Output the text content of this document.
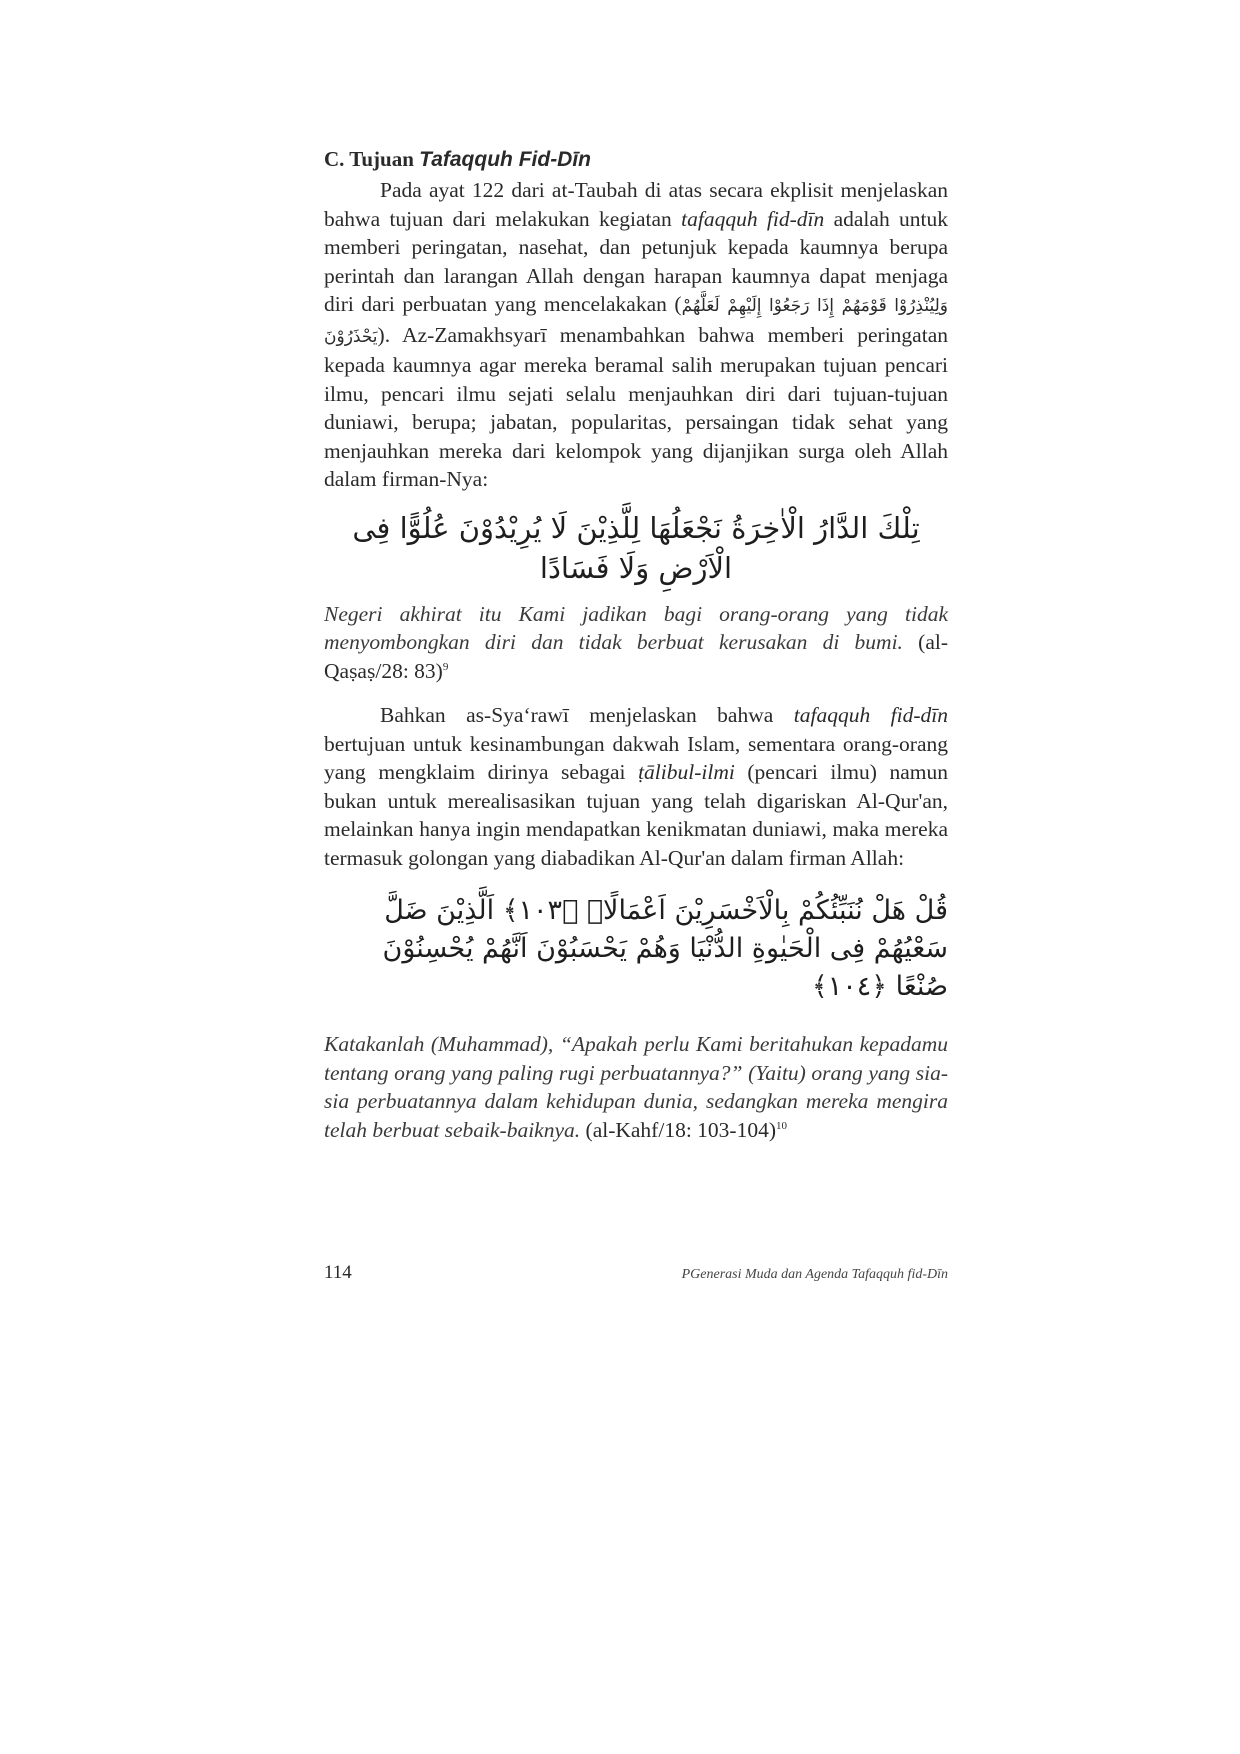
C. Tujuan Tafaqquh Fid-Dīn

Pada ayat 122 dari at-Taubah di atas secara ekplisit menjelaskan bahwa tujuan dari melakukan kegiatan tafaqquh fid-dīn adalah untuk memberi peringatan, nasehat, dan petunjuk kepada kaumnya berupa perintah dan larangan Allah dengan harapan kaumnya dapat menjaga diri dari perbuatan yang mencelakakan (وَلِيُنْذِرُوْا قَوْمَهُمْ إِذَا رَجَعُوْا إِلَيْهِمْ لَعَلَّهُمْ يَحْذَرُوْنَ). Az-Zamakhsyarī menambahkan bahwa memberi peringatan kepada kaumnya agar mereka beramal salih merupakan tujuan pencari ilmu, pencari ilmu sejati selalu menjauhkan diri dari tujuan-tujuan duniawi, berupa; jabatan, popularitas, persaingan tidak sehat yang menjauhkan mereka dari kelompok yang dijanjikan surga oleh Allah dalam firman-Nya:

تِلْكَ الدَّارُ الْاٰخِرَةُ نَجْعَلُهَا لِلَّذِيْنَ لَا يُرِيْدُوْنَ عُلُوًّا فِى الْاَرْضِ وَلَا فَسَادًا

Negeri akhirat itu Kami jadikan bagi orang-orang yang tidak menyombongkan diri dan tidak berbuat kerusakan di bumi. (al-Qaṣaṣ/28: 83)$^9$

Bahkan as-Sya‘rawī menjelaskan bahwa tafaqquh fid-dīn bertujuan untuk kesinambungan dakwah Islam, sementara orang-orang yang mengklaim dirinya sebagai ṭālibul-ilmi (pencari ilmu) namun bukan untuk merealisasikan tujuan yang telah digariskan Al-Qur'an, melainkan hanya ingin mendapatkan kenikmatan duniawi, maka mereka termasuk golongan yang diabadikan Al-Qur'an dalam firman Allah:

قُلْ هَلْ نُنَبِّئُكُمْ بِالْاَخْسَرِيْنَ اَعْمَالًاۗ ﴿١٠٣﴾ اَلَّذِيْنَ ضَلَّ سَعْيُهُمْ فِى الْحَيٰوةِ الدُّنْيَا وَهُمْ يَحْسَبُوْنَ اَنَّهُمْ يُحْسِنُوْنَ صُنْعًا ﴿١٠٤﴾

Katakanlah (Muhammad), “Apakah perlu Kami beritahukan kepadamu tentang orang yang paling rugi perbuatannya?” (Yaitu) orang yang sia-sia perbuatannya dalam kehidupan dunia, sedangkan mereka mengira telah berbuat sebaik-baiknya. (al-Kahf/18: 103-104)$^{10}$

114	PGenerasi Muda dan Agenda Tafaqquh fid-Dīn
